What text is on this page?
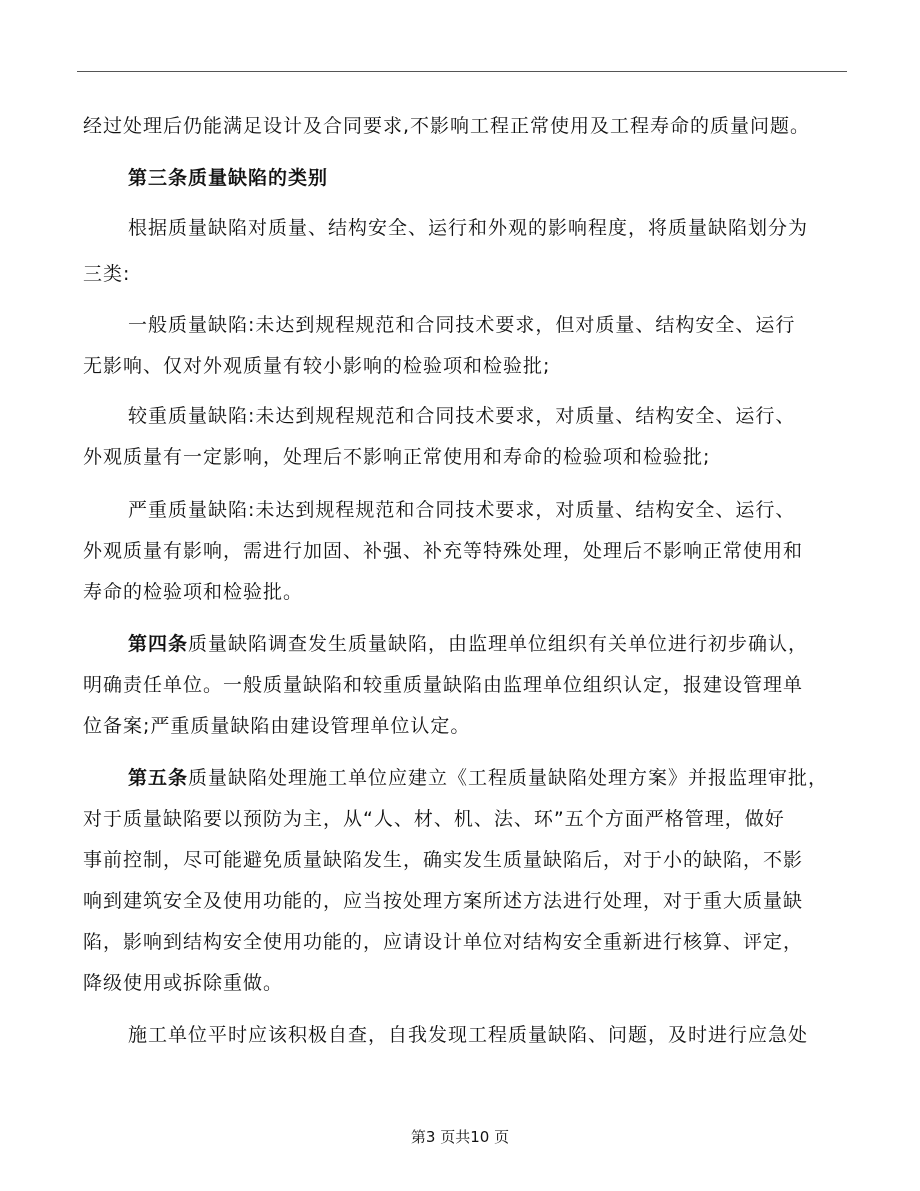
经过处理后仍能满足设计及合同要求,不影响工程正常使用及工程寿命的质量问题。
第三条质量缺陷的类别
根据质量缺陷对质量、结构安全、运行和外观的影响程度，将质量缺陷划分为
三类:
一般质量缺陷:未达到规程规范和合同技术要求，但对质量、结构安全、运行
无影响、仅对外观质量有较小影响的检验项和检验批;
较重质量缺陷:未达到规程规范和合同技术要求，对质量、结构安全、运行、
外观质量有一定影响，处理后不影响正常使用和寿命的检验项和检验批;
严重质量缺陷:未达到规程规范和合同技术要求，对质量、结构安全、运行、
外观质量有影响，需进行加固、补强、补充等特殊处理，处理后不影响正常使用和
寿命的检验项和检验批。
第四条质量缺陷调查发生质量缺陷，由监理单位组织有关单位进行初步确认，
明确责任单位。一般质量缺陷和较重质量缺陷由监理单位组织认定，报建设管理单
位备案;严重质量缺陷由建设管理单位认定。
第五条质量缺陷处理施工单位应建立《工程质量缺陷处理方案》并报监理审批，
对于质量缺陷要以预防为主，从“人、材、机、法、环”五个方面严格管理，做好
事前控制，尽可能避免质量缺陷发生，确实发生质量缺陷后，对于小的缺陷，不影
响到建筑安全及使用功能的，应当按处理方案所述方法进行处理，对于重大质量缺
陷，影响到结构安全使用功能的，应请设计单位对结构安全重新进行核算、评定，
降级使用或拆除重做。
施工单位平时应该积极自查，自我发现工程质量缺陷、问题，及时进行应急处
第3 页共10 页
